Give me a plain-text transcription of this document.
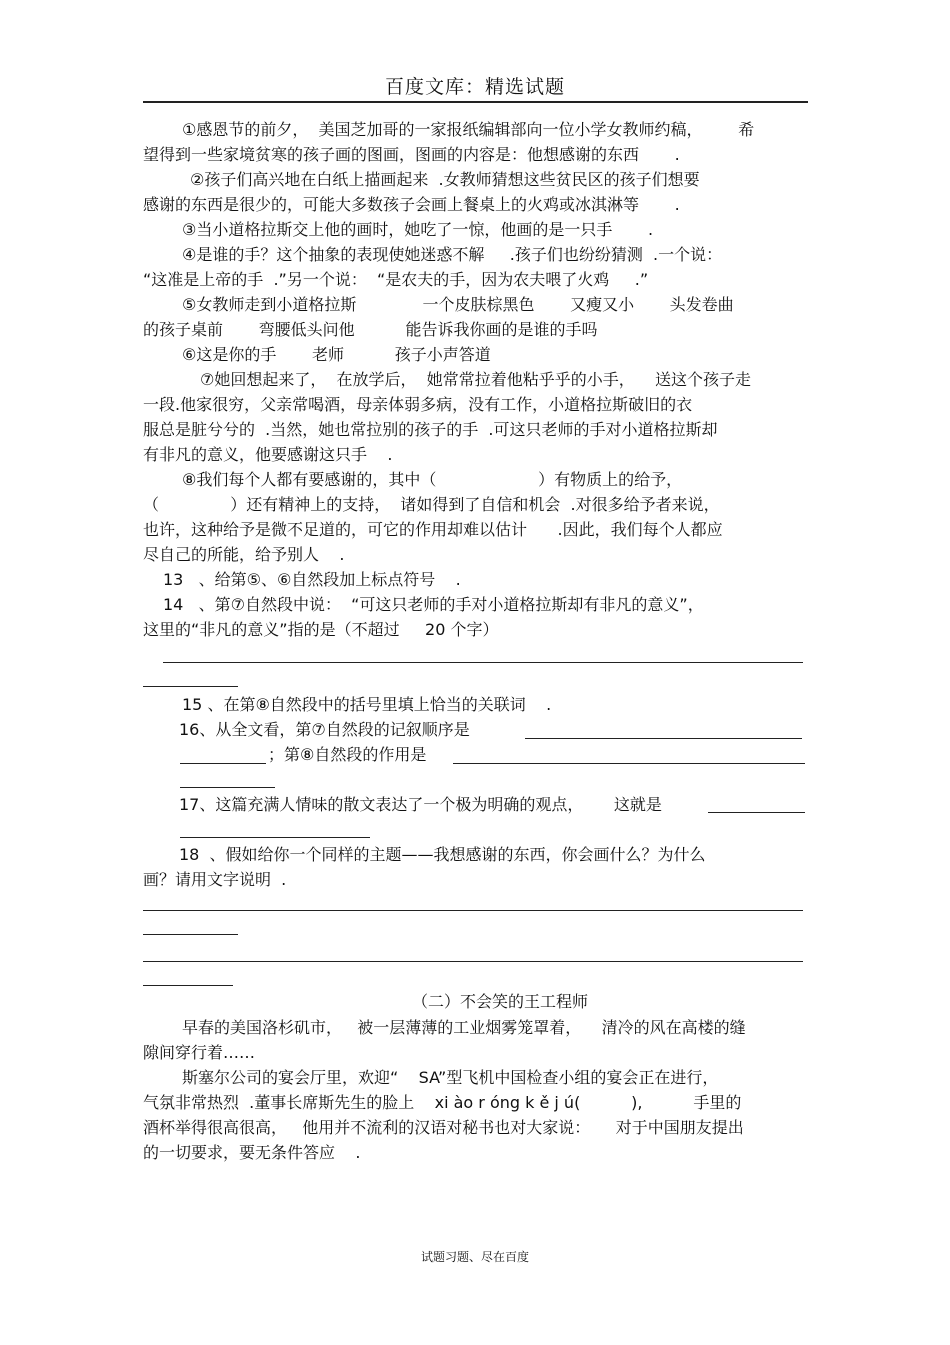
百度文库：精选试题
①感恩节的前夕，  美国芝加哥的一家报纸编辑部向一位小学女教师约稿，       希
望得到一些家境贫寒的孩子画的图画，图画的内容是：他想感谢的东西       .
②孩子们高兴地在白纸上描画起来  .女教师猜想这些贫民区的孩子们想要
感谢的东西是很少的，可能大多数孩子会画上餐桌上的火鸡或冰淇淋等       .
③当小道格拉斯交上他的画时，她吃了一惊，他画的是一只手       .
④是谁的手？这个抽象的表现使她迷惑不解     .孩子们也纷纷猜测  .一个说：
“这准是上帝的手  .”另一个说：  “是农夫的手，因为农夫喂了火鸡     .”
⑤女教师走到小道格拉斯             一个皮肤棕黑色       又瘦又小       头发卷曲
的孩子桌前       弯腰低头问他          能告诉我你画的是谁的手吗
⑥这是你的手       老师          孩子小声答道
⑦她回想起来了，  在放学后，  她常常拉着他粘乎乎的小手，    送这个孩子走
一段.他家很穷，父亲常喝酒，母亲体弱多病，没有工作，小道格拉斯破旧的衣
服总是脏兮兮的  .当然，她也常拉别的孩子的手  .可这只老师的手对小道格拉斯却
有非凡的意义，他要感谢这只手    .
⑧我们每个人都有要感谢的，其中（                    ）有物质上的给予，
（              ）还有精神上的支持，  诸如得到了自信和机会  .对很多给予者来说，
也许，这种给予是微不足道的，可它的作用却难以估计      .因此，我们每个人都应
尽自己的所能，给予别人    .
13   、给第⑤、⑥自然段加上标点符号    .
14   、第⑦自然段中说：  “可这只老师的手对小道格拉斯却有非凡的意义”，
这里的“非凡的意义”指的是（不超过     20 个字）
15 、在第⑧自然段中的括号里填上恰当的关联词    .
16、从全文看，第⑦自然段的记叙顺序是
；第⑧自然段的作用是
17、这篇充满人情味的散文表达了一个极为明确的观点，      这就是
18  、假如给你一个同样的主题——我想感谢的东西，你会画什么？为什么
画？请用文字说明  .
（二）不会笑的王工程师
早春的美国洛杉矶市，   被一层薄薄的工业烟雾笼罩着，    清冷的风在高楼的缝
隙间穿行着……
斯塞尔公司的宴会厅里，欢迎“    SA”型飞机中国检查小组的宴会正在进行，
气氛非常热烈  .董事长席斯先生的脸上    xi ào r óng k ě j ú(          ),          手里的
酒杯举得很高很高，   他用并不流利的汉语对秘书也对大家说：     对于中国朋友提出
的一切要求，要无条件答应    .
试题习题、尽在百度
